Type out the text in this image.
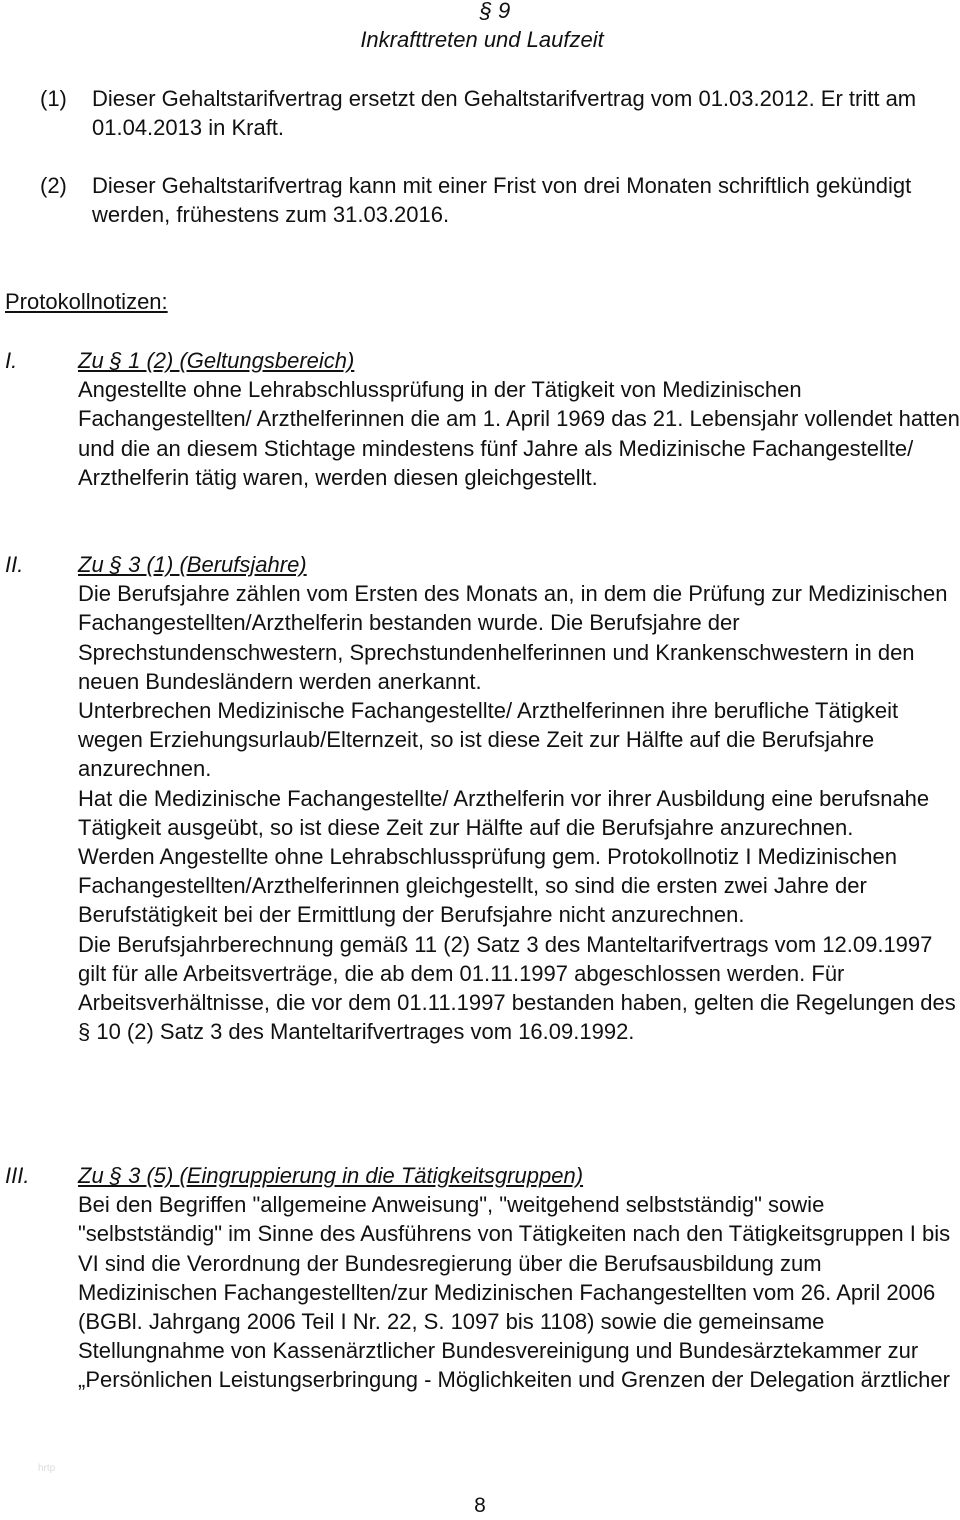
§ 9
Inkrafttreten und Laufzeit
(1) Dieser Gehaltstarifvertrag ersetzt den Gehaltstarifvertrag vom 01.03.2012. Er tritt am 01.04.2013 in Kraft.
(2) Dieser Gehaltstarifvertrag kann mit einer Frist von drei Monaten schriftlich gekündigt werden, frühestens zum 31.03.2016.
Protokollnotizen:
I.	Zu § 1 (2) (Geltungsbereich)

Angestellte ohne Lehrabschlussprüfung in der Tätigkeit von Medizinischen Fachangestellten/ Arzthelferinnen die am 1. April 1969 das 21. Lebensjahr vollendet hatten und die an diesem Stichtage mindestens fünf Jahre als Medizinische Fachangestellte/ Arzthelferin tätig waren, werden diesen gleichgestellt.

II. Zu § 3 (1) (Berufsjahre)

Die Berufsjahre zählen vom Ersten des Monats an, in dem die Prüfung zur Medizinischen Fachangestellten/Arzthelferin bestanden wurde. Die Berufsjahre der Sprechstundenschwestern, Sprechstundenhelferinnen und Krankenschwestern in den neuen Bundesländern werden anerkannt.

Unterbrechen Medizinische Fachangestellte/ Arzthelferinnen ihre berufliche Tätigkeit wegen Erziehungsurlaub/Elternzeit, so ist diese Zeit zur Hälfte auf die Berufsjahre anzurechnen.

Hat die Medizinische Fachangestellte/ Arzthelferin vor ihrer Ausbildung eine berufsnahe Tätigkeit ausgeübt, so ist diese Zeit zur Hälfte auf die Berufsjahre anzurechnen.

Werden Angestellte ohne Lehrabschlussprüfung gem. Protokollnotiz I Medizinischen Fachangestellten/Arzthelferinnen gleichgestellt, so sind die ersten zwei Jahre der Berufstätigkeit bei der Ermittlung der Berufsjahre nicht anzurechnen.

Die Berufsjahrberechnung gemäß 11 (2) Satz 3 des Manteltarifvertrags vom 12.09.1997 gilt für alle Arbeitsverträge, die ab dem 01.11.1997 abgeschlossen werden. Für Arbeitsverhältnisse, die vor dem 01.11.1997 bestanden haben, gelten die Regelungen des § 10 (2) Satz 3 des Manteltarifvertrages vom 16.09.1992.

III. Zu § 3 (5) (Eingruppierung in die Tätigkeitsgruppen)

Bei den Begriffen "allgemeine Anweisung", "weitgehend selbstständig" sowie "selbstständig" im Sinne des Ausführens von Tätigkeiten nach den Tätigkeitsgruppen I bis VI sind die Verordnung der Bundesregierung über die Berufsausbildung zum Medizinischen Fachangestellten/zur Medizinischen Fachangestellten vom 26. April 2006 (BGBl. Jahrgang 2006 Teil I Nr. 22, S. 1097 bis 1108) sowie die gemeinsame Stellungnahme von Kassenärztlicher Bundesvereinigung und Bundesärztekammer zur „Persönlichen Leistungserbringung - Möglichkeiten und Grenzen der Delegation ärztlicher

hrtp
8
